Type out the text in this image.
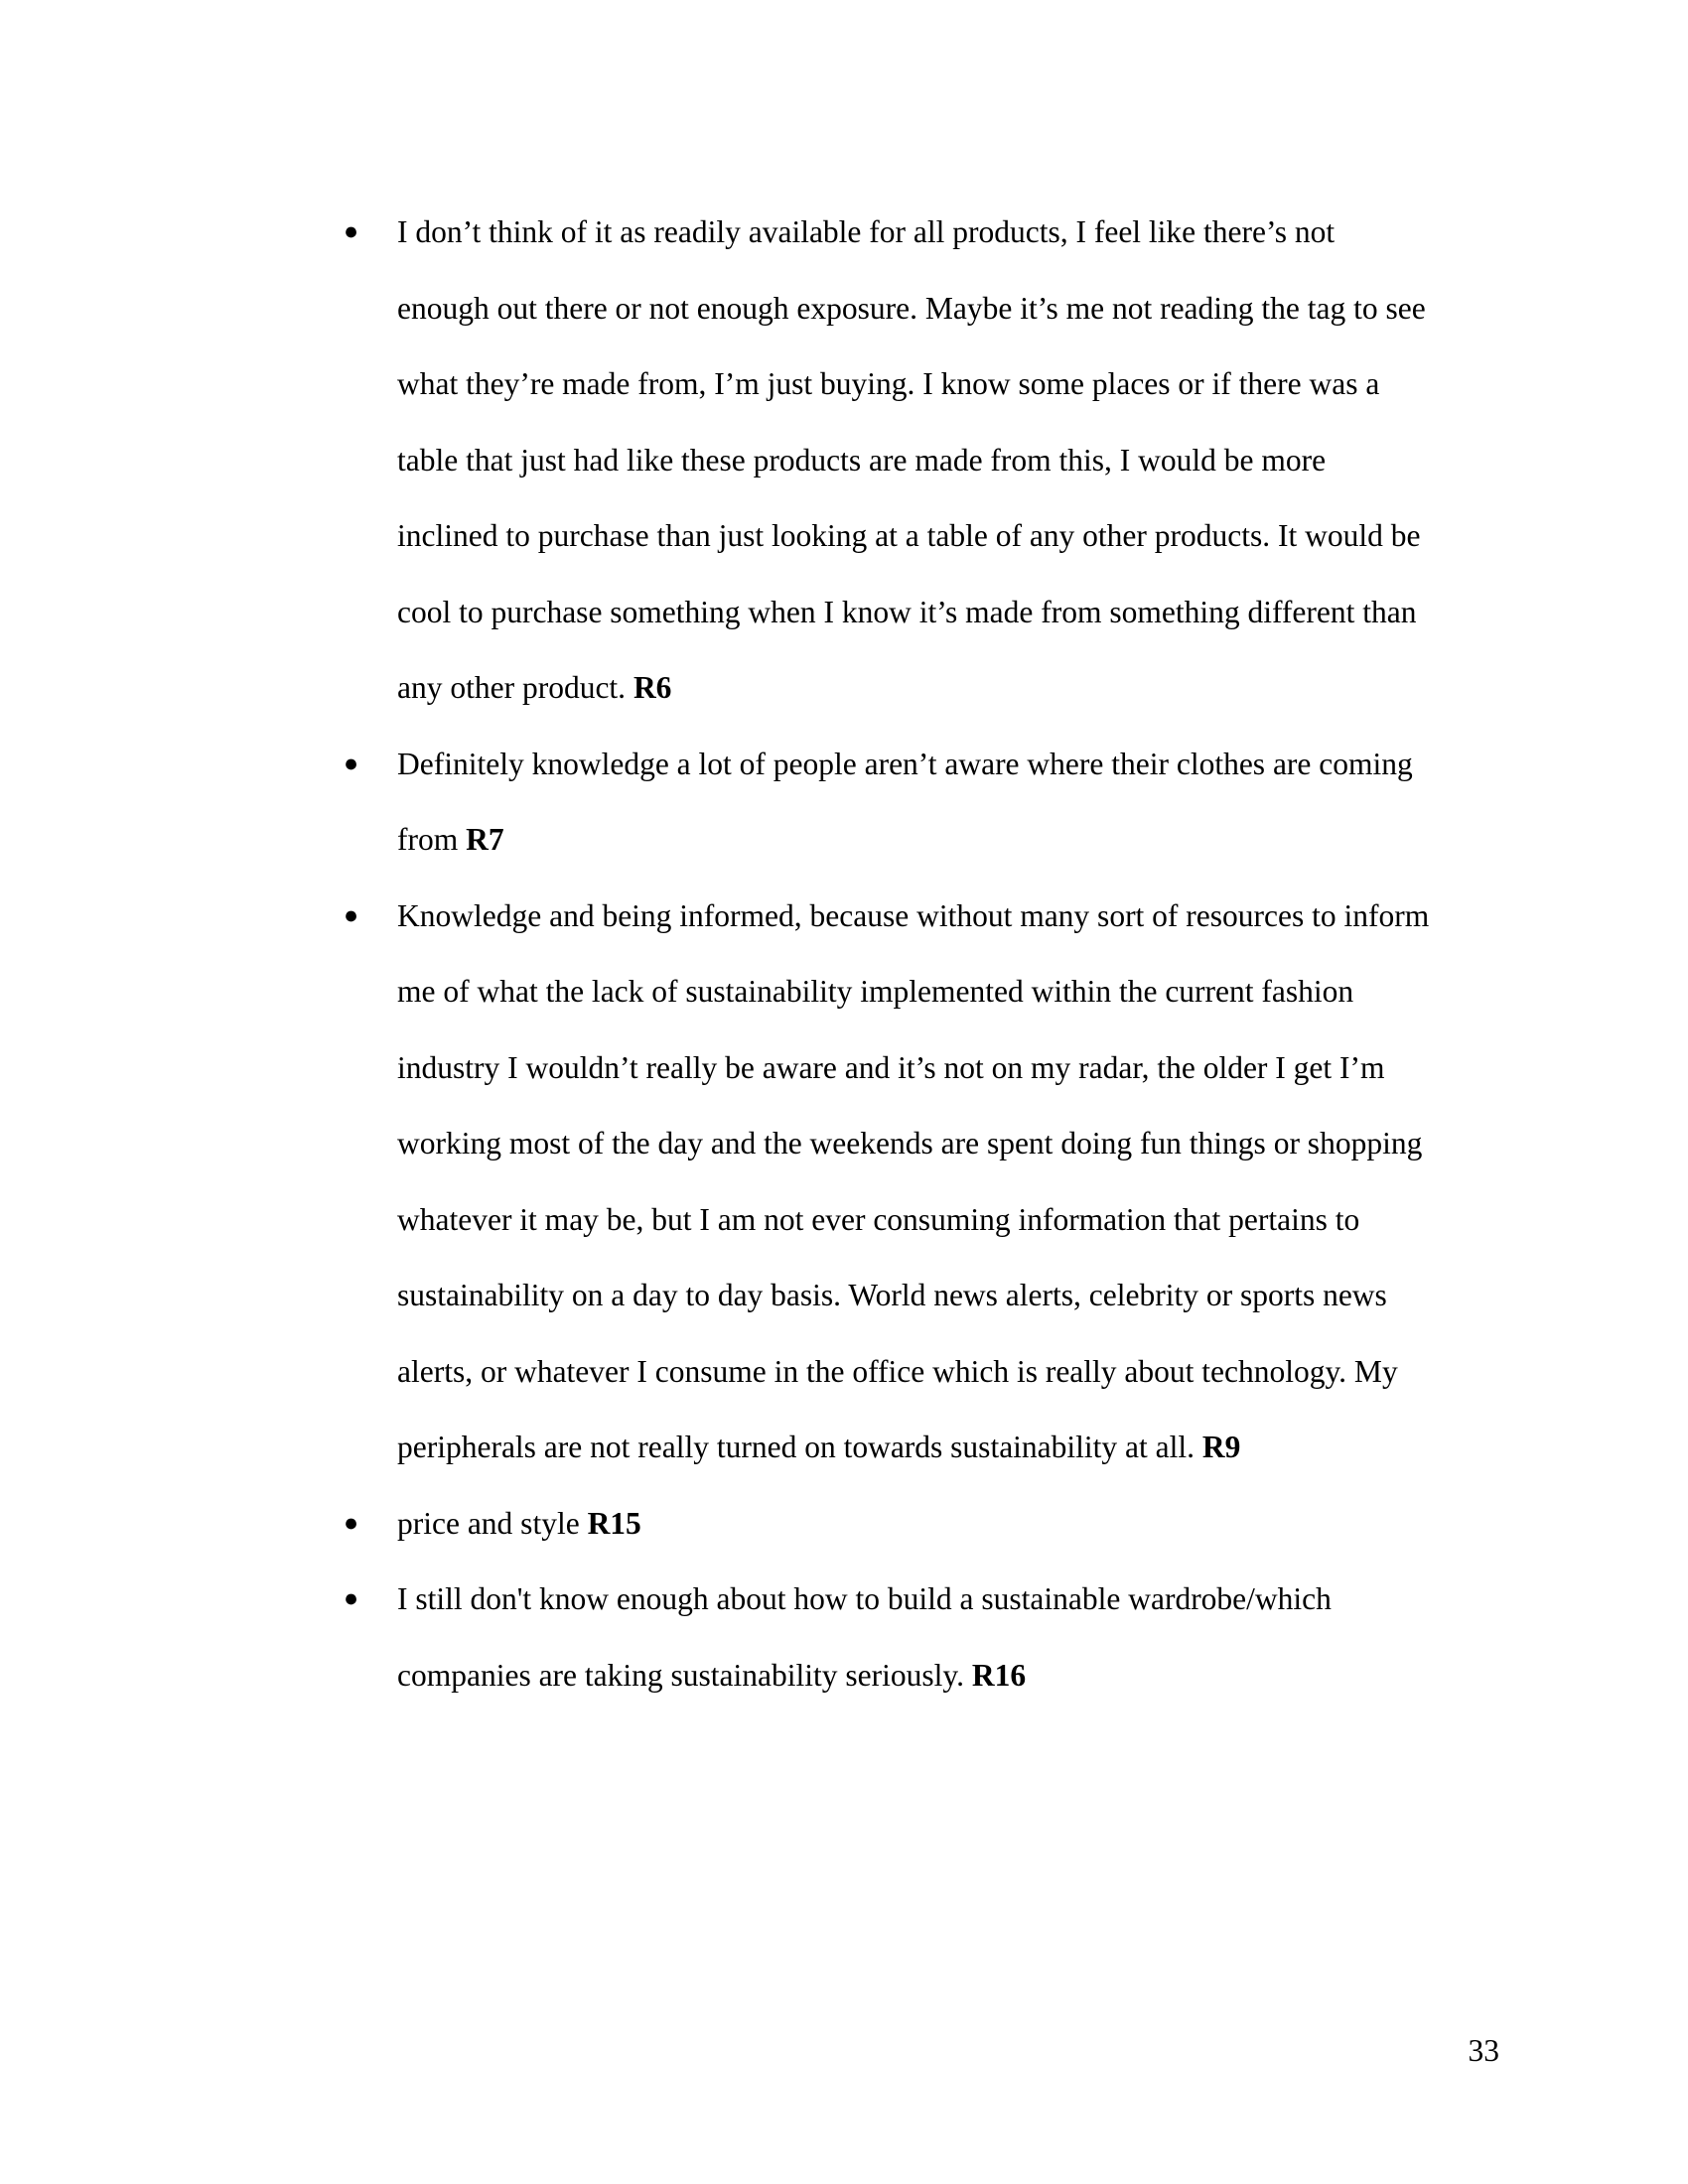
● I don’t think of it as readily available for all products, I feel like there’s not
enough out there or not enough exposure. Maybe it’s me not reading the tag to see
what they’re made from, I’m just buying. I know some places or if there was a
table that just had like these products are made from this, I would be more
inclined to purchase than just looking at a table of any other products. It would be
cool to purchase something when I know it’s made from something different than
any other product. R6
● Definitely knowledge a lot of people aren’t aware where their clothes are coming
from R7
● Knowledge and being informed, because without many sort of resources to inform
me of what the lack of sustainability implemented within the current fashion
industry I wouldn’t really be aware and it’s not on my radar, the older I get I’m
working most of the day and the weekends are spent doing fun things or shopping
whatever it may be, but I am not ever consuming information that pertains to
sustainability on a day to day basis. World news alerts, celebrity or sports news
alerts, or whatever I consume in the office which is really about technology. My
peripherals are not really turned on towards sustainability at all. R9
● price and style R15
● I still don't know enough about how to build a sustainable wardrobe/which
companies are taking sustainability seriously. R16
33
